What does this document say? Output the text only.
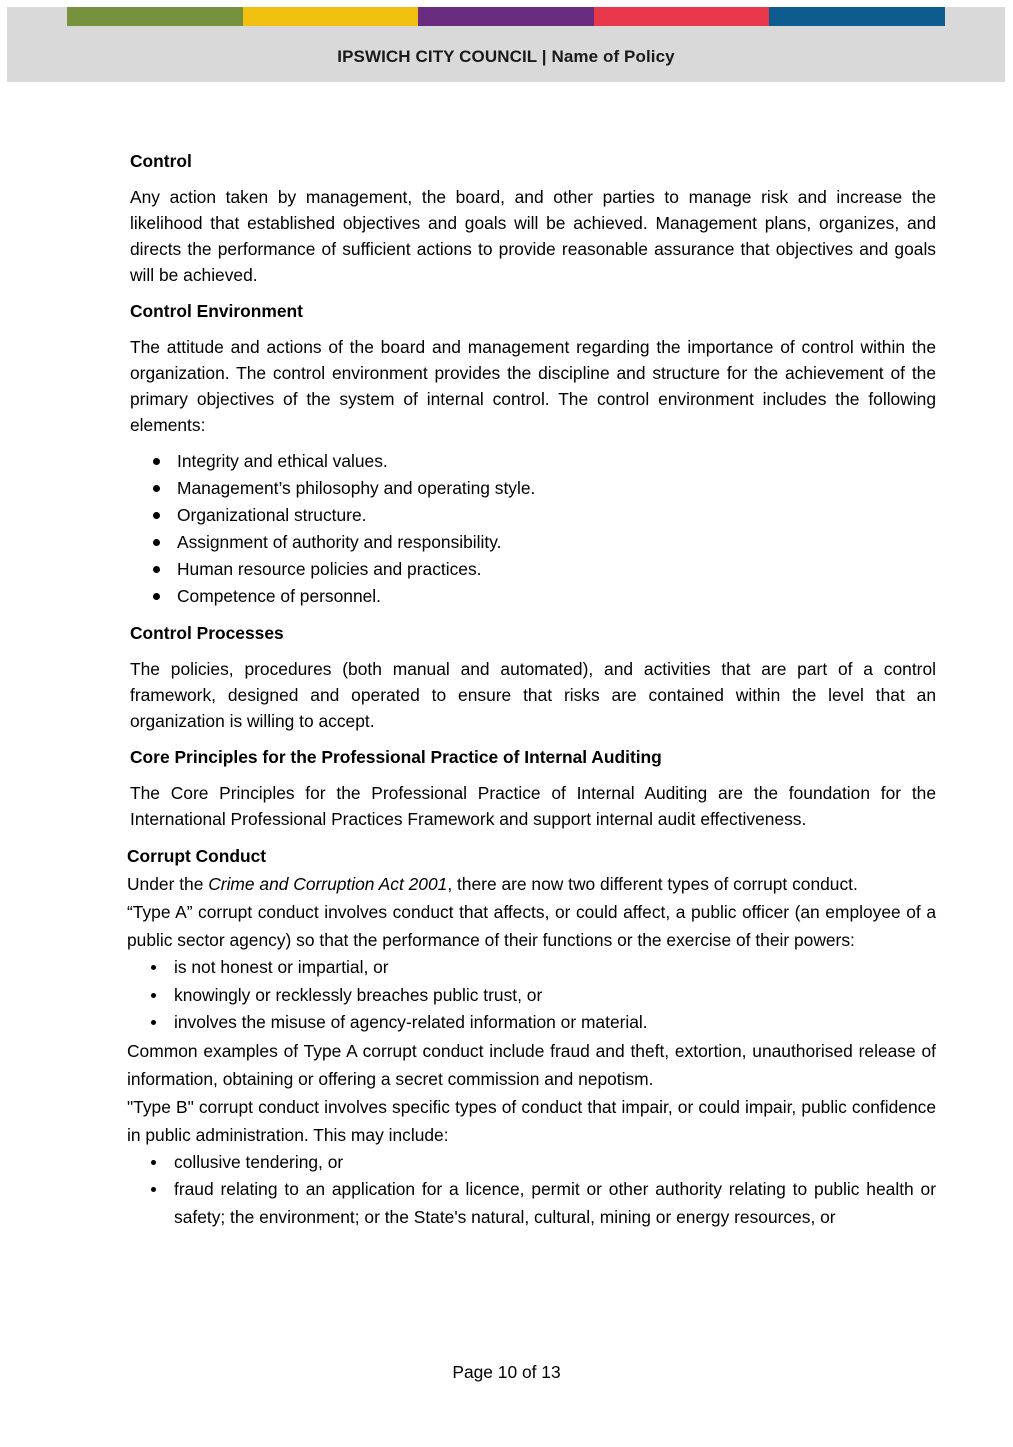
IPSWICH CITY COUNCIL | Name of Policy
Control
Any action taken by management, the board, and other parties to manage risk and increase the likelihood that established objectives and goals will be achieved. Management plans, organizes, and directs the performance of sufficient actions to provide reasonable assurance that objectives and goals will be achieved.
Control Environment
The attitude and actions of the board and management regarding the importance of control within the organization. The control environment provides the discipline and structure for the achievement of the primary objectives of the system of internal control. The control environment includes the following elements:
Integrity and ethical values.
Management’s philosophy and operating style.
Organizational structure.
Assignment of authority and responsibility.
Human resource policies and practices.
Competence of personnel.
Control Processes
The policies, procedures (both manual and automated), and activities that are part of a control framework, designed and operated to ensure that risks are contained within the level that an organization is willing to accept.
Core Principles for the Professional Practice of Internal Auditing
The Core Principles for the Professional Practice of Internal Auditing are the foundation for the International Professional Practices Framework and support internal audit effectiveness.
Corrupt Conduct
Under the Crime and Corruption Act 2001, there are now two different types of corrupt conduct.
“Type A” corrupt conduct involves conduct that affects, or could affect, a public officer (an employee of a public sector agency) so that the performance of their functions or the exercise of their powers:
is not honest or impartial, or
knowingly or recklessly breaches public trust, or
involves the misuse of agency-related information or material.
Common examples of Type A corrupt conduct include fraud and theft, extortion, unauthorised release of information, obtaining or offering a secret commission and nepotism.
"Type B" corrupt conduct involves specific types of conduct that impair, or could impair, public confidence in public administration. This may include:
collusive tendering, or
fraud relating to an application for a licence, permit or other authority relating to public health or safety; the environment; or the State's natural, cultural, mining or energy resources, or
Page 10 of 13
